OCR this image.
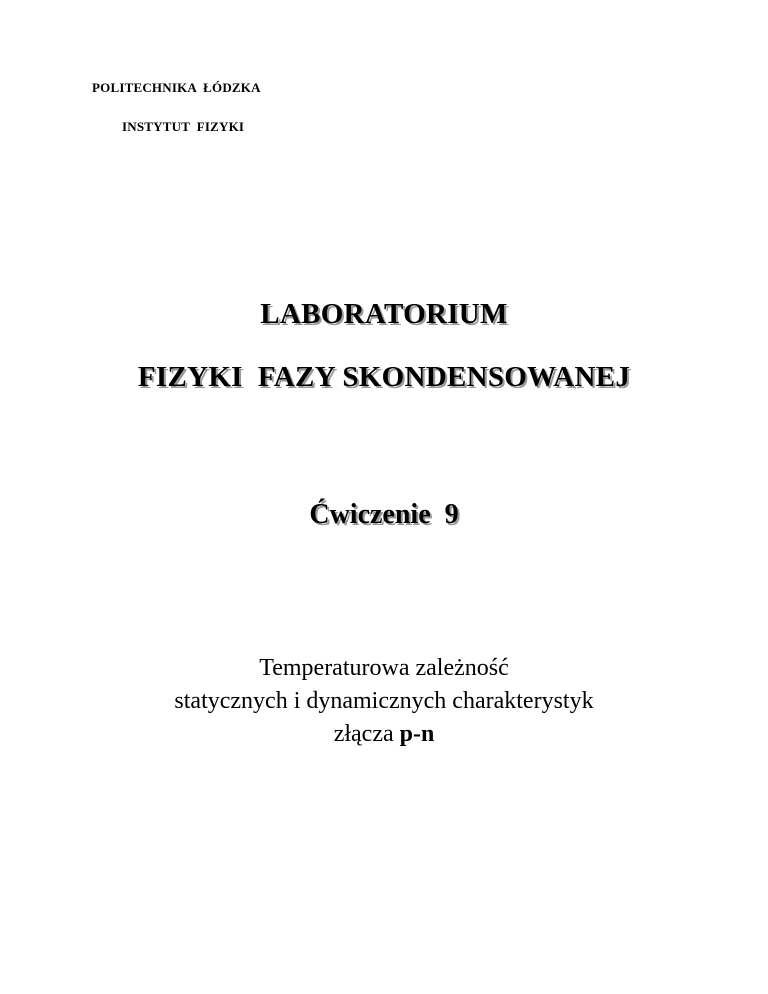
POLITECHNIKA  ŁÓDZKA

INSTYTUT  FIZYKI

LABORATORIUM
FIZYKI  FAZY SKONDENSOWANEJ
Ćwiczenie  9

Temperaturowa zależność

statycznych i dynamicznych charakterystyk

złącza p-n
